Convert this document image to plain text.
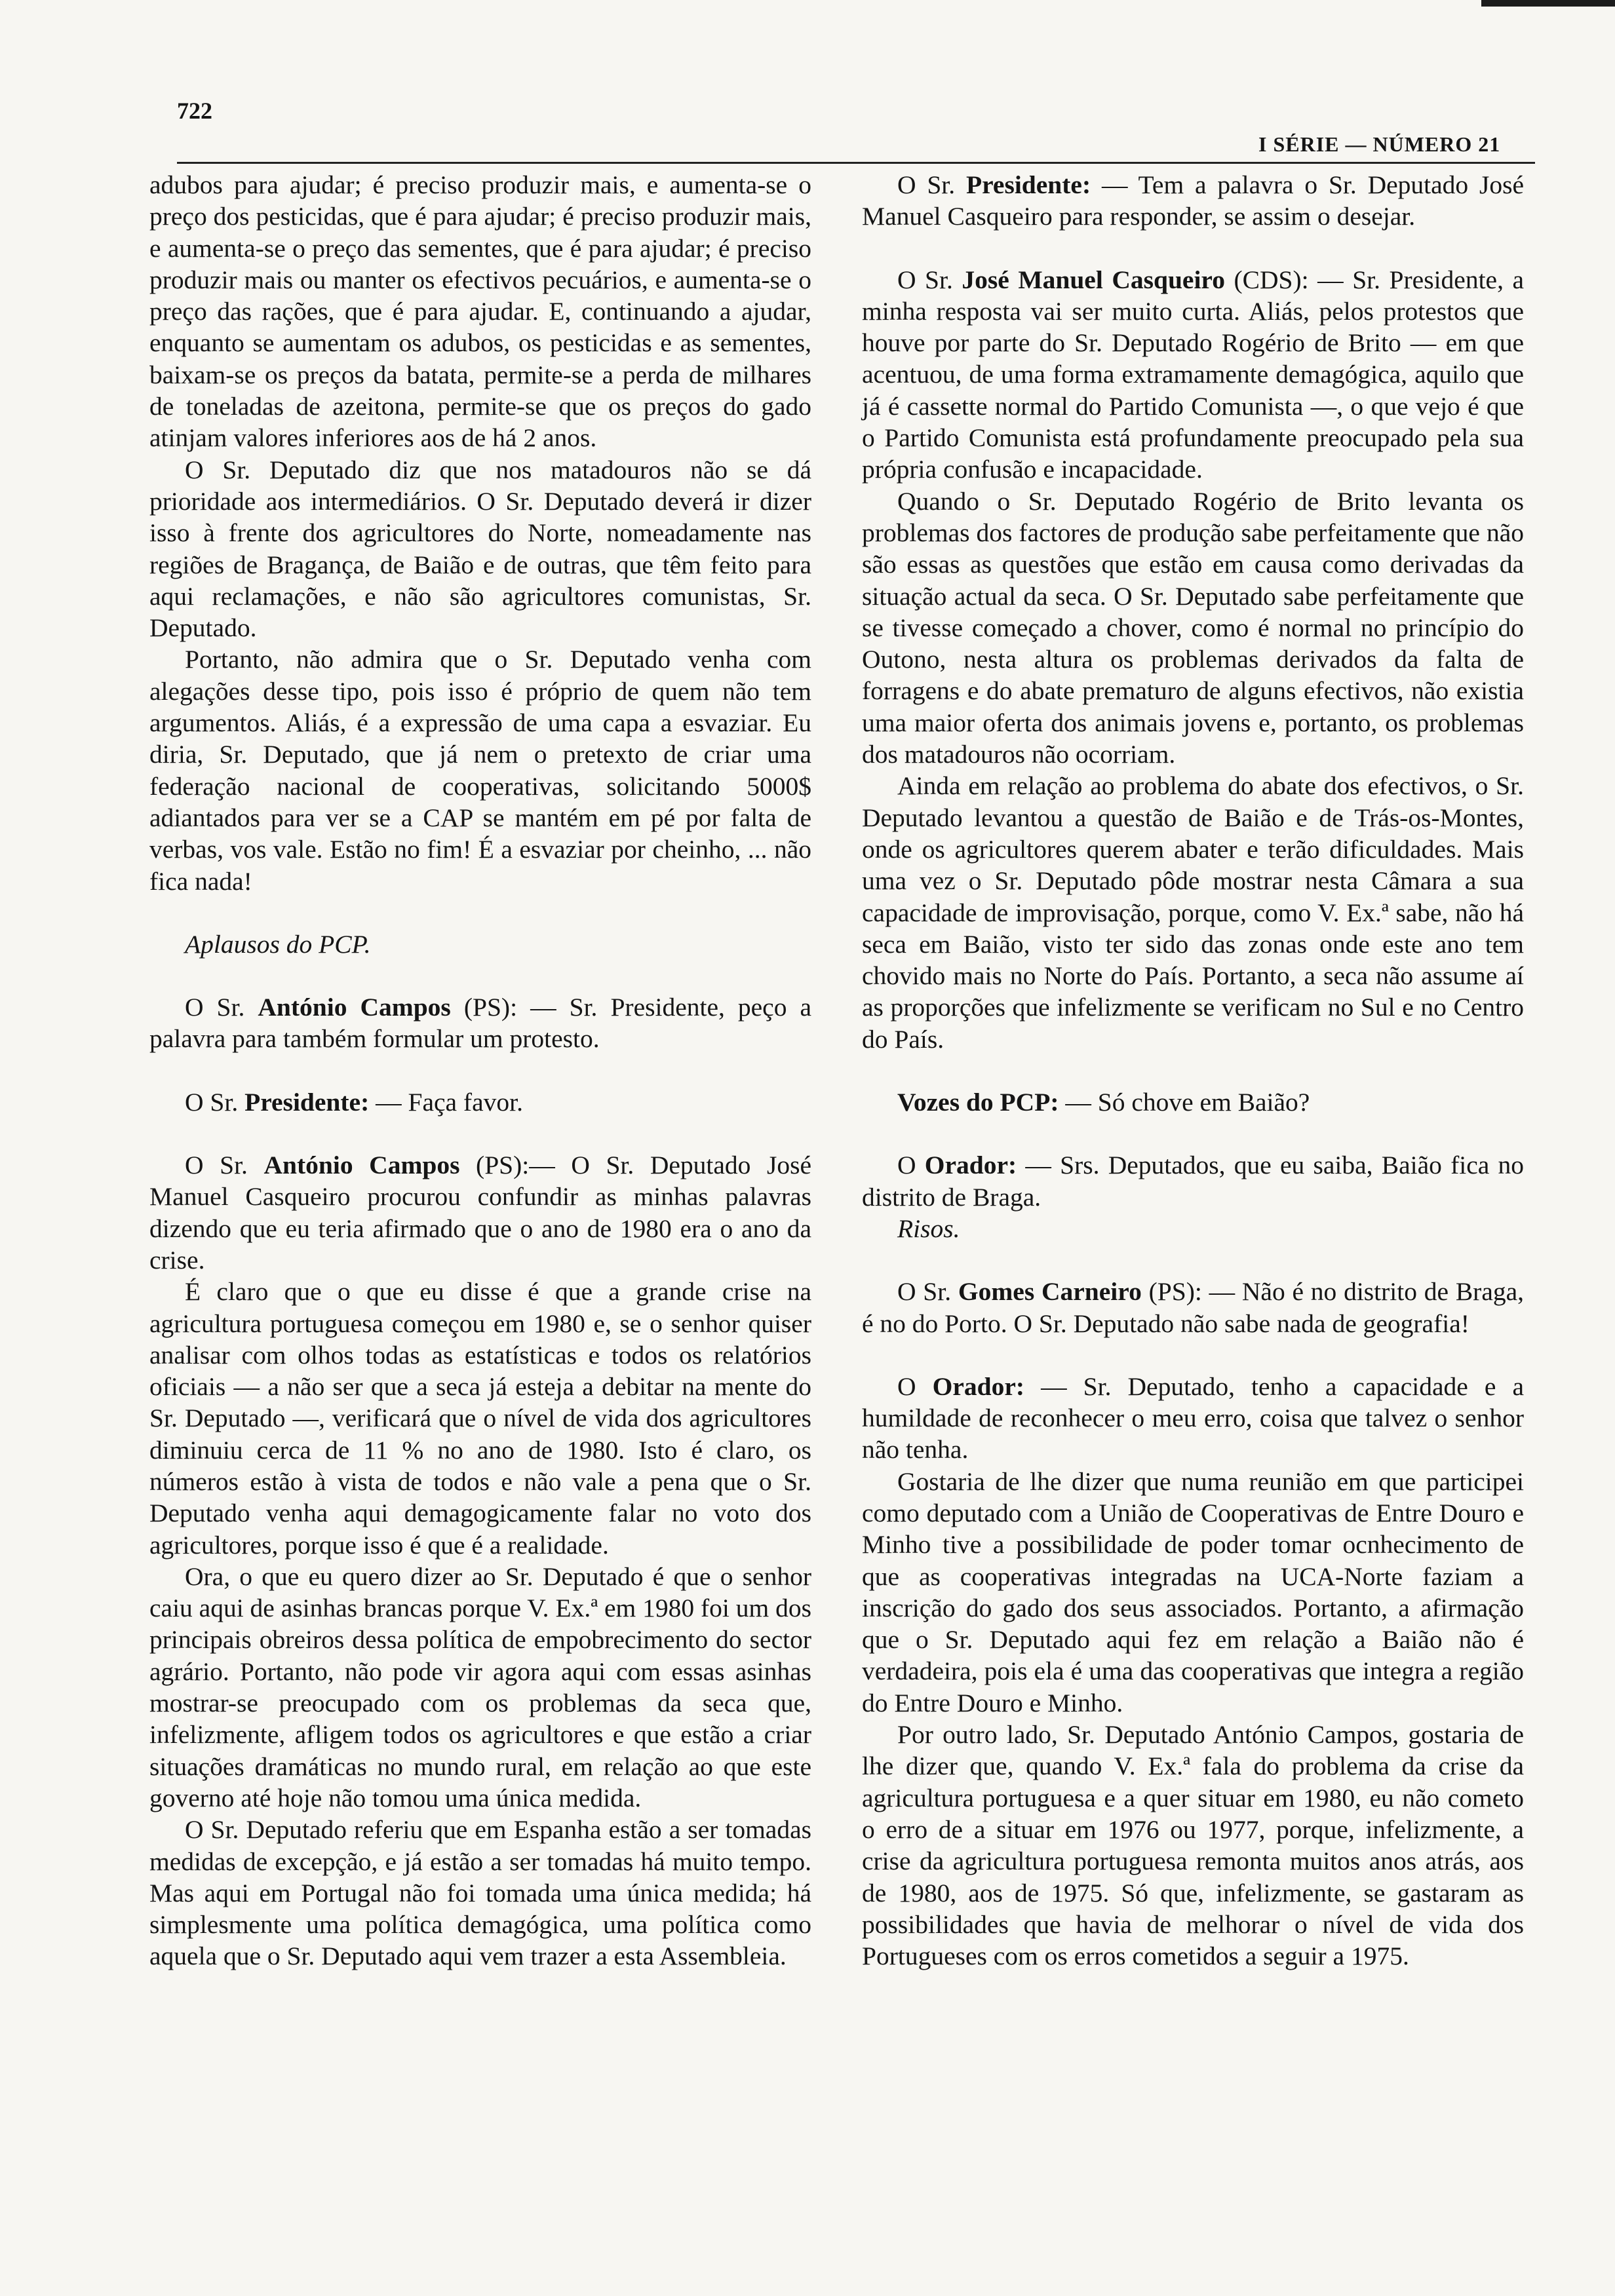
722
I SÉRIE — NÚMERO 21

adubos para ajudar; é preciso produzir mais, e aumenta-se o preço dos pesticidas, que é para ajudar; é preciso produzir mais, e aumenta-se o preço das sementes, que é para ajudar; é preciso produzir mais ou manter os efectivos pecuários, e aumenta-se o preço das rações, que é para ajudar. E, continuando a ajudar, enquanto se aumentam os adubos, os pesticidas e as sementes, baixam-se os preços da batata, permite-se a perda de milhares de toneladas de azeitona, permite-se que os preços do gado atinjam valores inferiores aos de há 2 anos.

O Sr. Deputado diz que nos matadouros não se dá prioridade aos intermediários. O Sr. Deputado deverá ir dizer isso à frente dos agricultores do Norte, nomeadamente nas regiões de Bragança, de Baião e de outras, que têm feito para aqui reclamações, e não são agricultores comunistas, Sr. Deputado.

Portanto, não admira que o Sr. Deputado venha com alegações desse tipo, pois isso é próprio de quem não tem argumentos. Aliás, é a expressão de uma capa a esvaziar. Eu diria, Sr. Deputado, que já nem o pretexto de criar uma federação nacional de cooperativas, solicitando 5000$ adiantados para ver se a CAP se mantém em pé por falta de verbas, vos vale. Estão no fim! É a esvaziar por cheinho, ... não fica nada!

Aplausos do PCP.

O Sr. António Campos (PS): — Sr. Presidente, peço a palavra para também formular um protesto.

O Sr. Presidente: — Faça favor.

O Sr. António Campos (PS):— O Sr. Deputado José Manuel Casqueiro procurou confundir as minhas palavras dizendo que eu teria afirmado que o ano de 1980 era o ano da crise.

É claro que o que eu disse é que a grande crise na agricultura portuguesa começou em 1980 e, se o senhor quiser analisar com olhos todas as estatísticas e todos os relatórios oficiais — a não ser que a seca já esteja a debitar na mente do Sr. Deputado —, verificará que o nível de vida dos agricultores diminuiu cerca de 11 % no ano de 1980. Isto é claro, os números estão à vista de todos e não vale a pena que o Sr. Deputado venha aqui demagogicamente falar no voto dos agricultores, porque isso é que é a realidade.

Ora, o que eu quero dizer ao Sr. Deputado é que o senhor caiu aqui de asinhas brancas porque V. Ex.ª em 1980 foi um dos principais obreiros dessa política de empobrecimento do sector agrário. Portanto, não pode vir agora aqui com essas asinhas mostrar-se preocupado com os problemas da seca que, infelizmente, afligem todos os agricultores e que estão a criar situações dramáticas no mundo rural, em relação ao que este governo até hoje não tomou uma única medida.

O Sr. Deputado referiu que em Espanha estão a ser tomadas medidas de excepção, e já estão a ser tomadas há muito tempo. Mas aqui em Portugal não foi tomada uma única medida; há simplesmente uma política demagógica, uma política como aquela que o Sr. Deputado aqui vem trazer a esta Assembleia.

O Sr. Presidente: — Tem a palavra o Sr. Deputado José Manuel Casqueiro para responder, se assim o desejar.

O Sr. José Manuel Casqueiro (CDS): — Sr. Presidente, a minha resposta vai ser muito curta. Aliás, pelos protestos que houve por parte do Sr. Deputado Rogério de Brito — em que acentuou, de uma forma extramamente demagógica, aquilo que já é cassette normal do Partido Comunista —, o que vejo é que o Partido Comunista está profundamente preocupado pela sua própria confusão e incapacidade.

Quando o Sr. Deputado Rogério de Brito levanta os problemas dos factores de produção sabe perfeitamente que não são essas as questões que estão em causa como derivadas da situação actual da seca. O Sr. Deputado sabe perfeitamente que se tivesse começado a chover, como é normal no princípio do Outono, nesta altura os problemas derivados da falta de forragens e do abate prematuro de alguns efectivos, não existia uma maior oferta dos animais jovens e, portanto, os problemas dos matadouros não ocorriam.

Ainda em relação ao problema do abate dos efectivos, o Sr. Deputado levantou a questão de Baião e de Trás-os-Montes, onde os agricultores querem abater e terão dificuldades. Mais uma vez o Sr. Deputado pôde mostrar nesta Câmara a sua capacidade de improvisação, porque, como V. Ex.ª sabe, não há seca em Baião, visto ter sido das zonas onde este ano tem chovido mais no Norte do País. Portanto, a seca não assume aí as proporções que infelizmente se verificam no Sul e no Centro do País.

Vozes do PCP: — Só chove em Baião?

O Orador: — Srs. Deputados, que eu saiba, Baião fica no distrito de Braga.

Risos.

O Sr. Gomes Carneiro (PS): — Não é no distrito de Braga, é no do Porto. O Sr. Deputado não sabe nada de geografia!

O Orador: — Sr. Deputado, tenho a capacidade e a humildade de reconhecer o meu erro, coisa que talvez o senhor não tenha.

Gostaria de lhe dizer que numa reunião em que participei como deputado com a União de Cooperativas de Entre Douro e Minho tive a possibilidade de poder tomar ocnhecimento de que as cooperativas integradas na UCA-Norte faziam a inscrição do gado dos seus associados. Portanto, a afirmação que o Sr. Deputado aqui fez em relação a Baião não é verdadeira, pois ela é uma das cooperativas que integra a região do Entre Douro e Minho.

Por outro lado, Sr. Deputado António Campos, gostaria de lhe dizer que, quando V. Ex.ª fala do problema da crise da agricultura portuguesa e a quer situar em 1980, eu não cometo o erro de a situar em 1976 ou 1977, porque, infelizmente, a crise da agricultura portuguesa remonta muitos anos atrás, aos de 1980, aos de 1975. Só que, infelizmente, se gastaram as possibilidades que havia de melhorar o nível de vida dos Portugueses com os erros cometidos a seguir a 1975.
